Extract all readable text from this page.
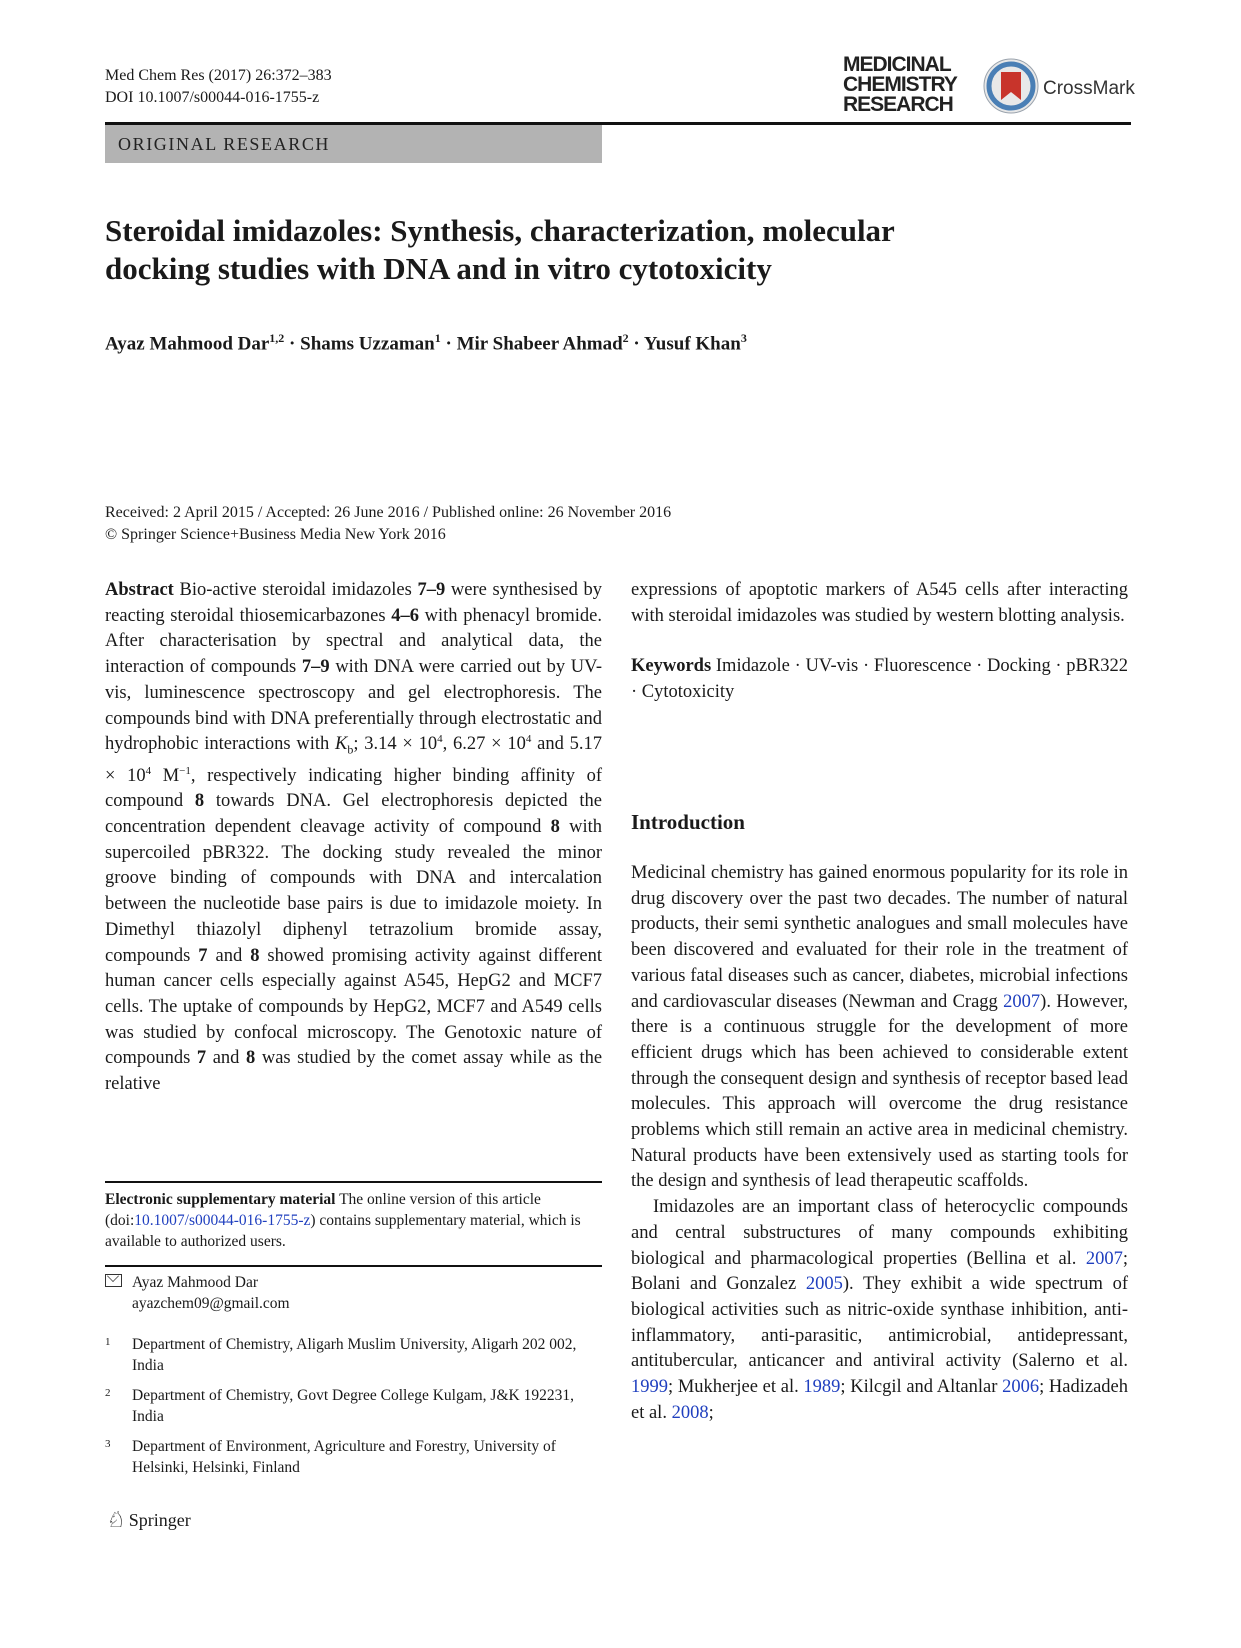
Med Chem Res (2017) 26:372–383
DOI 10.1007/s00044-016-1755-z
MEDICINAL
CHEMISTRY
RESEARCH
CrossMark
ORIGINAL RESEARCH
Steroidal imidazoles: Synthesis, characterization, molecular
docking studies with DNA and in vitro cytotoxicity
Ayaz Mahmood Dar$^{1,2}$ · Shams Uzzaman$^1$ · Mir Shabeer Ahmad$^2$ · Yusuf Khan$^3$
Received: 2 April 2015 / Accepted: 26 June 2016 / Published online: 26 November 2016
© Springer Science+Business Media New York 2016

Abstract Bio-active steroidal imidazoles 7–9 were synthesised by reacting steroidal thiosemicarbazones 4–6 with phenacyl bromide. After characterisation by spectral and analytical data, the interaction of compounds 7–9 with DNA were carried out by UV-vis, luminescence spectroscopy and gel electrophoresis. The compounds bind with DNA preferentially through electrostatic and hydrophobic interactions with $K_b$; $3.14 \times 10^4$, $6.27 \times 10^4$ and $5.17 \times 10^4$ $M^{-1}$, respectively indicating higher binding affinity of compound 8 towards DNA. Gel electrophoresis depicted the concentration dependent cleavage activity of compound 8 with supercoiled pBR322. The docking study revealed the minor groove binding of compounds with DNA and intercalation between the nucleotide base pairs is due to imidazole moiety. In Dimethyl thiazolyl diphenyl tetrazolium bromide assay, compounds 7 and 8 showed promising activity against different human cancer cells especially against A545, HepG2 and MCF7 cells. The uptake of compounds by HepG2, MCF7 and A549 cells was studied by confocal microscopy. The Genotoxic nature of compounds 7 and 8 was studied by the comet assay while as the relative

expressions of apoptotic markers of A545 cells after interacting with steroidal imidazoles was studied by western blotting analysis.

Keywords Imidazole · UV-vis · Fluorescence · Docking · pBR322 · Cytotoxicity

Electronic supplementary material The online version of this article (doi:10.1007/s00044-016-1755-z) contains supplementary material, which is available to authorized users.
Ayaz Mahmood Dar
ayazchem09@gmail.com
1 Department of Chemistry, Aligarh Muslim University, Aligarh 202 002, India
2 Department of Chemistry, Govt Degree College Kulgam, J&K 192231, India
3 Department of Environment, Agriculture and Forestry, University of Helsinki, Helsinki, Finland
Introduction

Medicinal chemistry has gained enormous popularity for its role in drug discovery over the past two decades. The number of natural products, their semi synthetic analogues and small molecules have been discovered and evaluated for their role in the treatment of various fatal diseases such as cancer, diabetes, microbial infections and cardiovascular diseases (Newman and Cragg 2007). However, there is a continuous struggle for the development of more efficient drugs which has been achieved to considerable extent through the consequent design and synthesis of receptor based lead molecules. This approach will overcome the drug resistance problems which still remain an active area in medicinal chemistry. Natural products have been extensively used as starting tools for the design and synthesis of lead therapeutic scaffolds.

Imidazoles are an important class of heterocyclic compounds and central substructures of many compounds exhibiting biological and pharmacological properties (Bellina et al. 2007; Bolani and Gonzalez 2005). They exhibit a wide spectrum of biological activities such as nitric-oxide synthase inhibition, anti-inflammatory, anti-parasitic, antimicrobial, antidepressant, antitubercular, anticancer and antiviral activity (Salerno et al. 1999; Mukherjee et al. 1989; Kilcgil and Altanlar 2006; Hadizadeh et al. 2008;

♘ Springer
